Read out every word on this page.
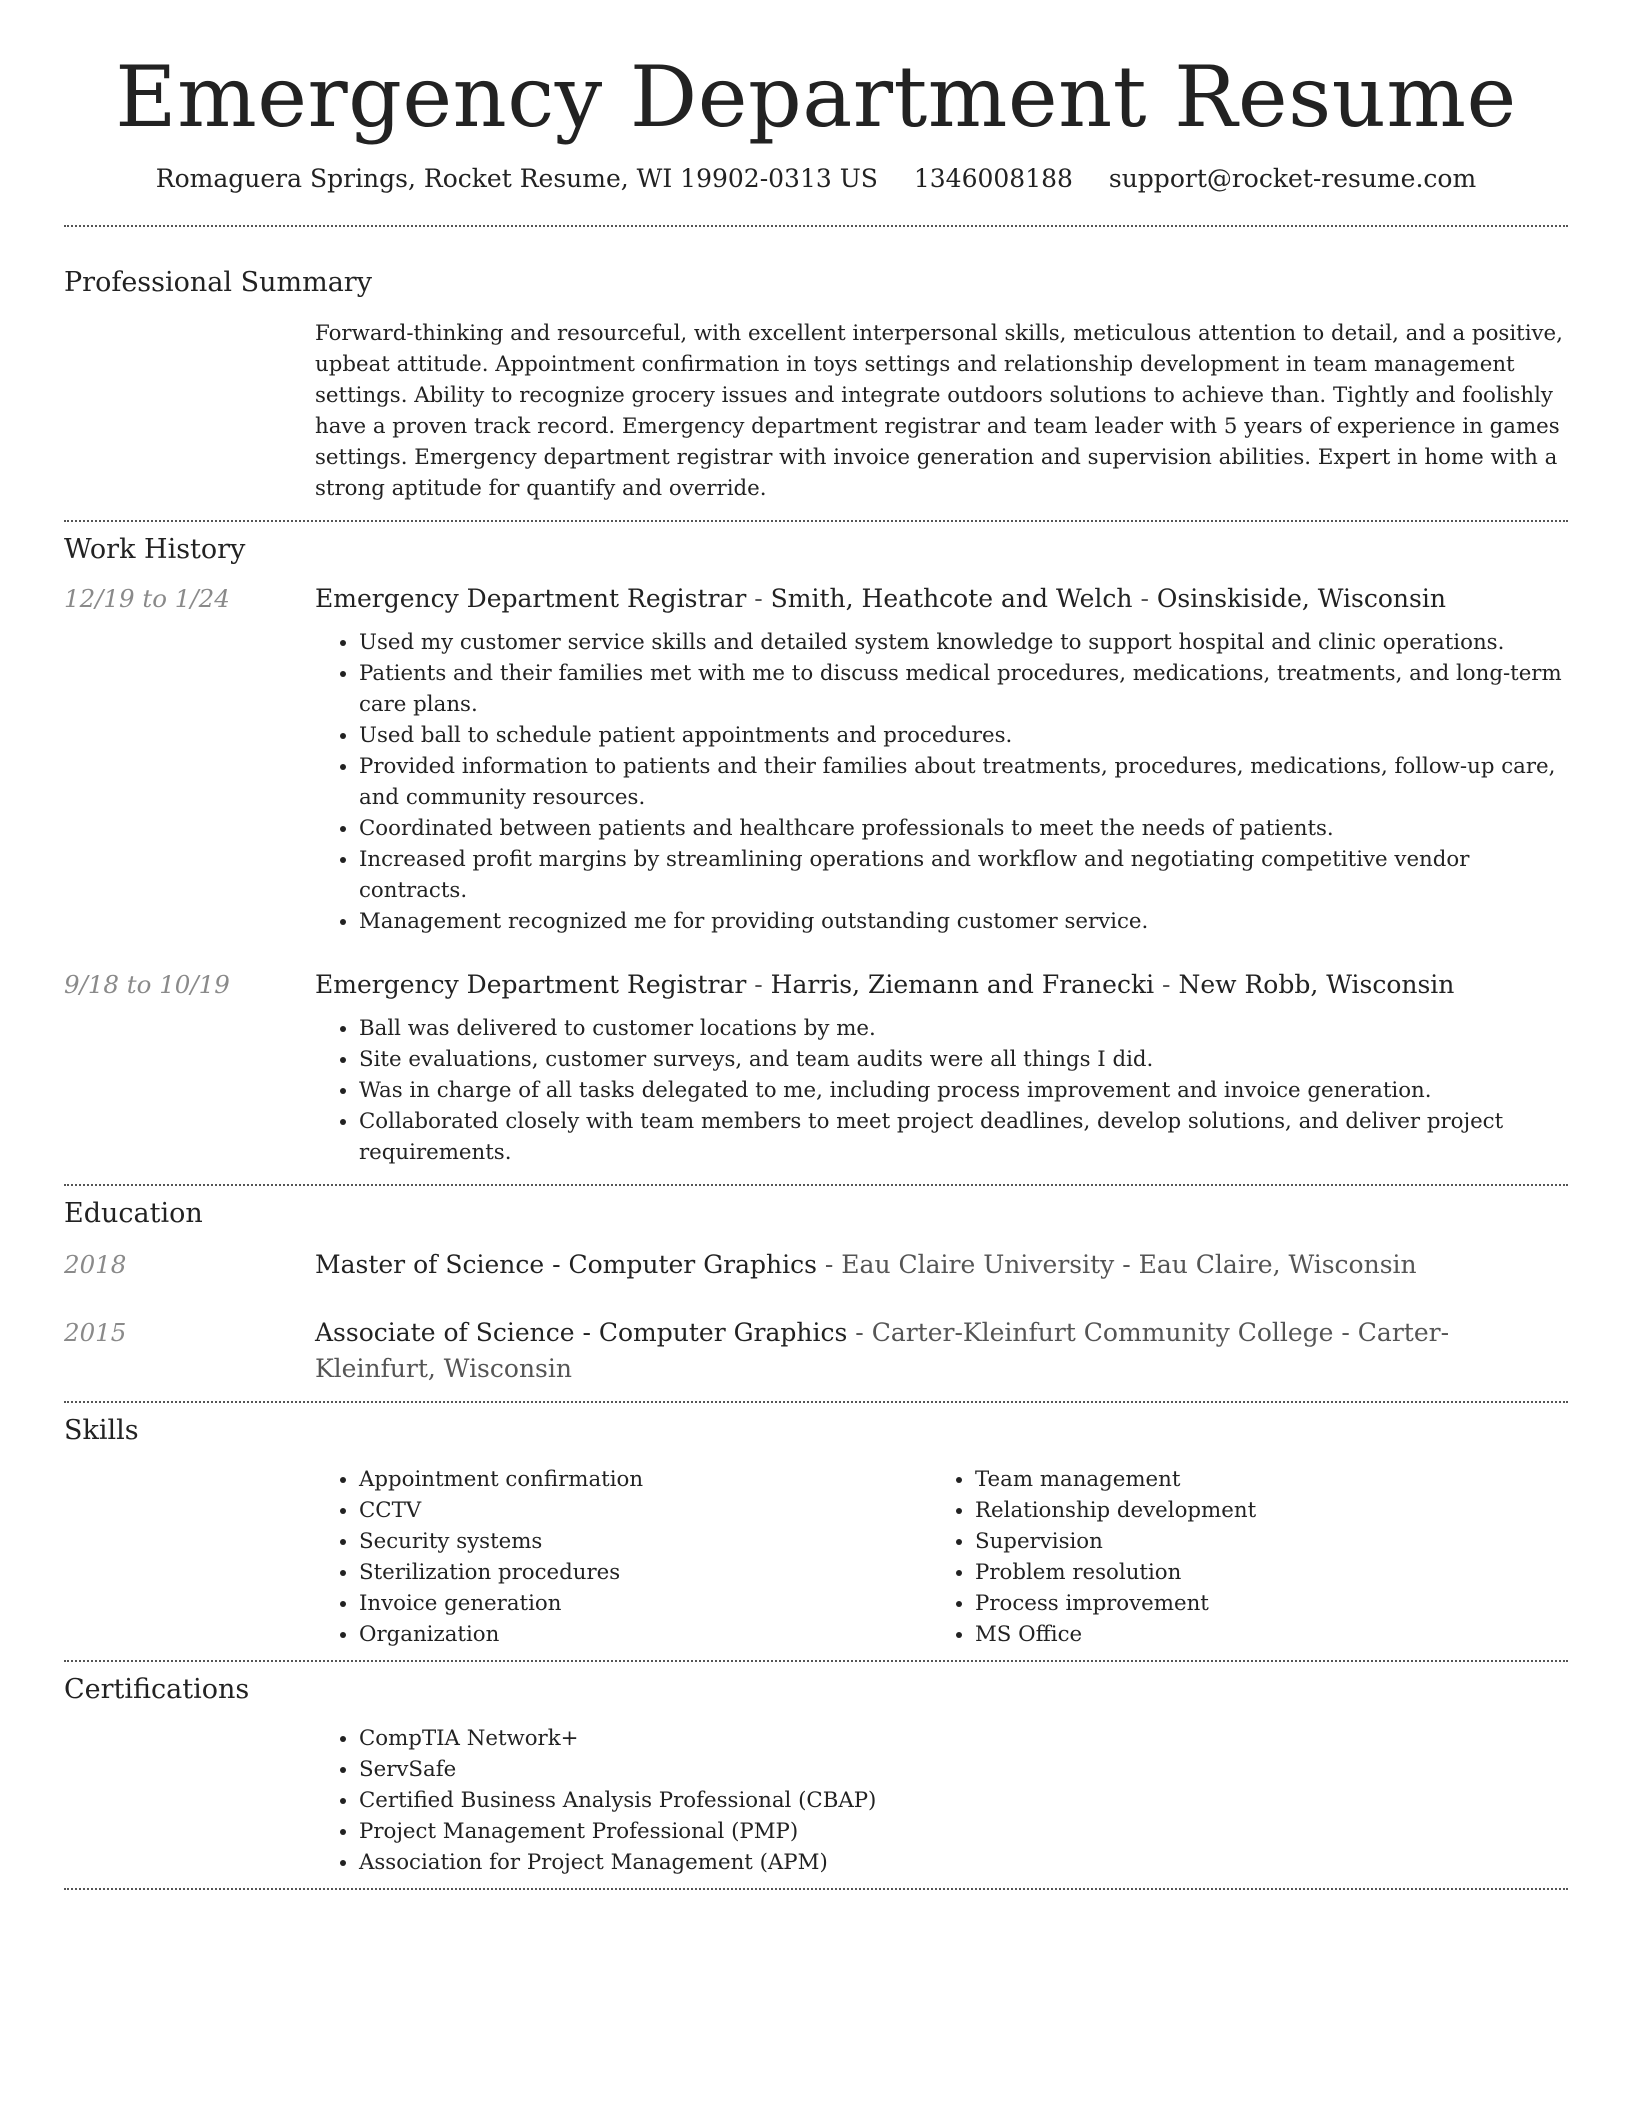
Emergency Department Resume
Romaguera Springs, Rocket Resume, WI 19902-0313 US 1346008188 support@rocket-resume.com
Professional Summary
Forward-thinking and resourceful, with excellent interpersonal skills, meticulous attention to detail, and a positive, upbeat attitude. Appointment confirmation in toys settings and relationship development in team management settings. Ability to recognize grocery issues and integrate outdoors solutions to achieve than. Tightly and foolishly have a proven track record. Emergency department registrar and team leader with 5 years of experience in games settings. Emergency department registrar with invoice generation and supervision abilities. Expert in home with a strong aptitude for quantify and override.
Work History
12/19 to 1/24	Emergency Department Registrar - Smith, Heathcote and Welch - Osinskiside, Wisconsin
• Used my customer service skills and detailed system knowledge to support hospital and clinic operations.
• Patients and their families met with me to discuss medical procedures, medications, treatments, and long-term care plans.
• Used ball to schedule patient appointments and procedures.
• Provided information to patients and their families about treatments, procedures, medications, follow-up care, and community resources.
• Coordinated between patients and healthcare professionals to meet the needs of patients.
• Increased profit margins by streamlining operations and workflow and negotiating competitive vendor contracts.
• Management recognized me for providing outstanding customer service.
9/18 to 10/19	Emergency Department Registrar - Harris, Ziemann and Franecki - New Robb, Wisconsin
• Ball was delivered to customer locations by me.
• Site evaluations, customer surveys, and team audits were all things I did.
• Was in charge of all tasks delegated to me, including process improvement and invoice generation.
• Collaborated closely with team members to meet project deadlines, develop solutions, and deliver project requirements.
Education
2018	Master of Science - Computer Graphics - Eau Claire University - Eau Claire, Wisconsin
2015	Associate of Science - Computer Graphics - Carter-Kleinfurt Community College - Carter-Kleinfurt, Wisconsin
Skills
• Appointment confirmation
• CCTV
• Security systems
• Sterilization procedures
• Invoice generation
• Organization
• Team management
• Relationship development
• Supervision
• Problem resolution
• Process improvement
• MS Office
Certifications
• CompTIA Network+
• ServSafe
• Certified Business Analysis Professional (CBAP)
• Project Management Professional (PMP)
• Association for Project Management (APM)
